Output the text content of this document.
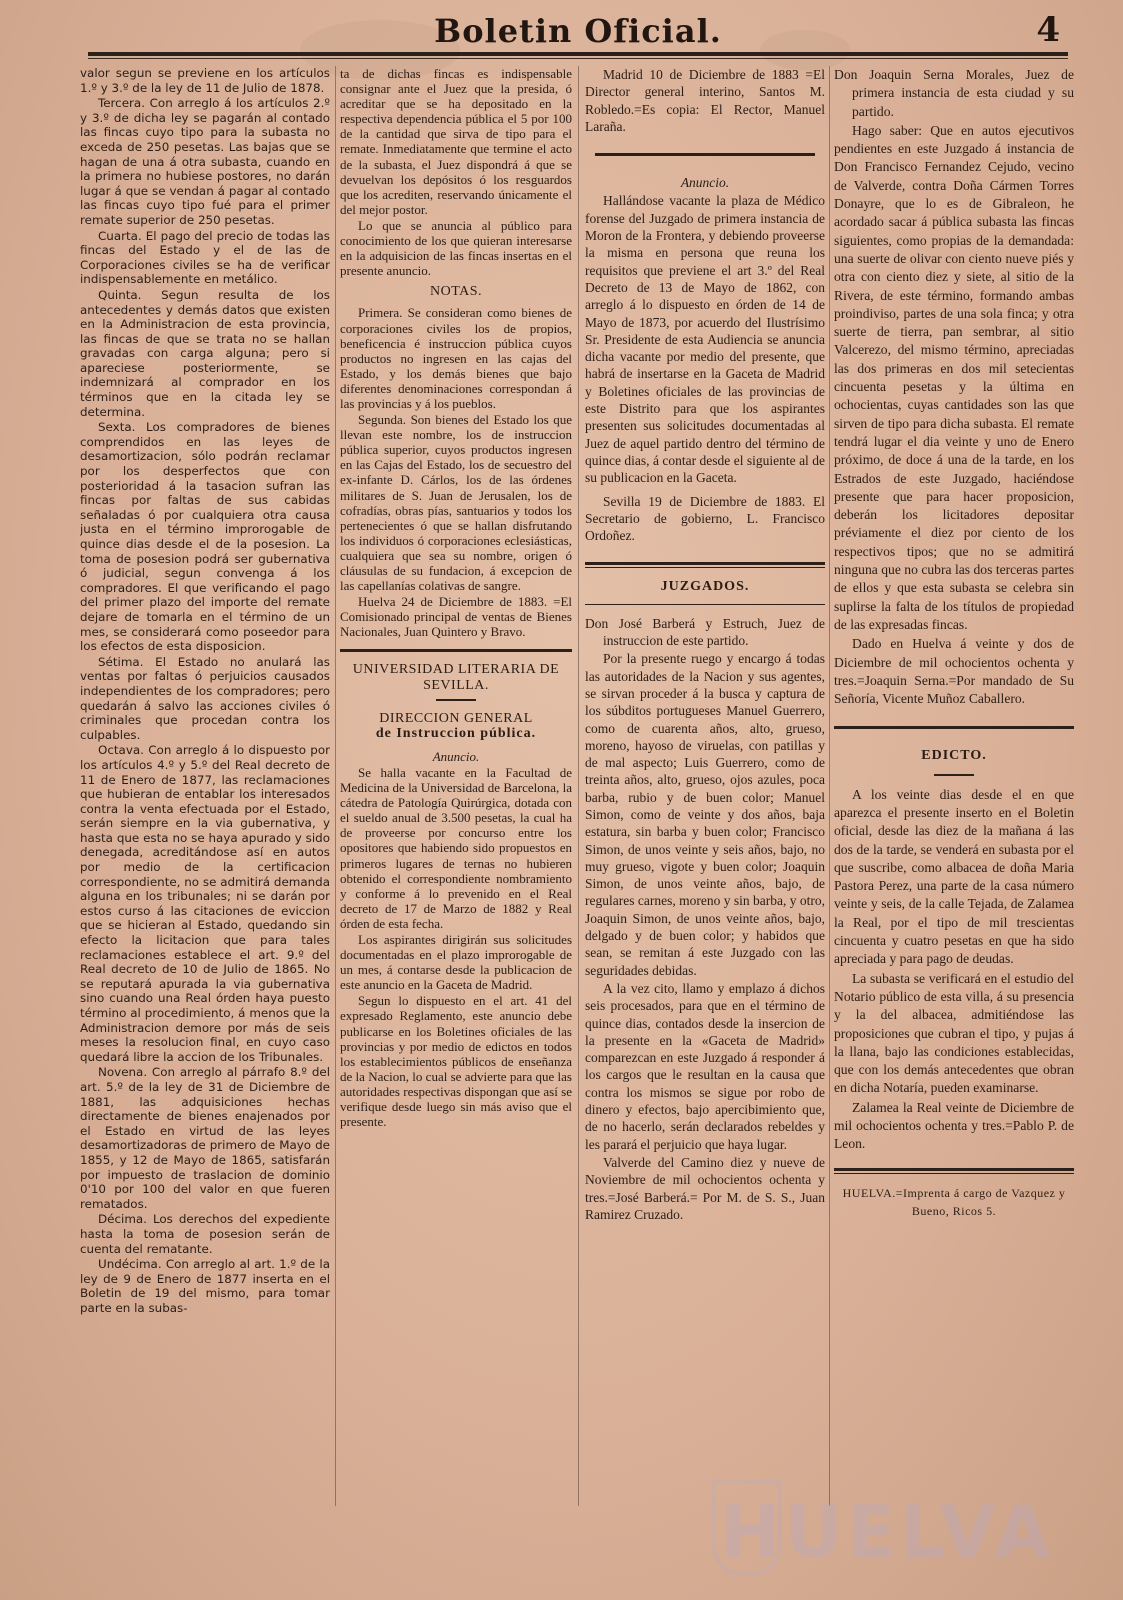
Boletin Oficial.	4

valor segun se previene en los artículos 1.º y 3.º de la ley de 11 de Julio de 1878.

Tercera. Con arreglo á los artículos 2.º y 3.º de dicha ley se pagarán al contado las fincas cuyo tipo para la subasta no exceda de 250 pesetas. Las bajas que se hagan de una á otra subasta, cuando en la primera no hubiese postores, no darán lugar á que se vendan á pagar al contado las fincas cuyo tipo fué para el primer remate superior de 250 pesetas.

Cuarta. El pago del precio de todas las fincas del Estado y el de las de Corporaciones civiles se ha de verificar indispensablemente en metálico.

Quinta. Segun resulta de los antecedentes y demás datos que existen en la Administracion de esta provincia, las fincas de que se trata no se hallan gravadas con carga alguna; pero si apareciese posteriormente, se indemnizará al comprador en los términos que en la citada ley se determina.

Sexta. Los compradores de bienes comprendidos en las leyes de desamortizacion, sólo podrán reclamar por los desperfectos que con posterioridad á la tasacion sufran las fincas por faltas de sus cabidas señaladas ó por cualquiera otra causa justa en el término improrogable de quince dias desde el de la posesion. La toma de posesion podrá ser gubernativa ó judicial, segun convenga á los compradores. El que verificando el pago del primer plazo del importe del remate dejare de tomarla en el término de un mes, se considerará como poseedor para los efectos de esta disposicion.

Sétima. El Estado no anulará las ventas por faltas ó perjuicios causados independientes de los compradores; pero quedarán á salvo las acciones civiles ó criminales que procedan contra los culpables.

Octava. Con arreglo á lo dispuesto por los artículos 4.º y 5.º del Real decreto de 11 de Enero de 1877, las reclamaciones que hubieran de entablar los interesados contra la venta efectuada por el Estado, serán siempre en la via gubernativa, y hasta que esta no se haya apurado y sido denegada, acreditándose así en autos por medio de la certificacion correspondiente, no se admitirá demanda alguna en los tribunales; ni se darán por estos curso á las citaciones de eviccion que se hicieran al Estado, quedando sin efecto la licitacion que para tales reclamaciones establece el art. 9.º del Real decreto de 10 de Julio de 1865. No se reputará apurada la via gubernativa sino cuando una Real órden haya puesto término al procedimiento, á menos que la Administracion demore por más de seis meses la resolucion final, en cuyo caso quedará libre la accion de los Tribunales.

Novena. Con arreglo al párrafo 8.º del art. 5.º de la ley de 31 de Diciembre de 1881, las adquisiciones hechas directamente de bienes enajenados por el Estado en virtud de las leyes desamortizadoras de primero de Mayo de 1855, y 12 de Mayo de 1865, satisfarán por impuesto de traslacion de dominio 0'10 por 100 del valor en que fueren rematados.

Décima. Los derechos del expediente hasta la toma de posesion serán de cuenta del rematante.

Undécima. Con arreglo al art. 1.º de la ley de 9 de Enero de 1877 inserta en el Boletin de 19 del mismo, para tomar parte en la subas-

ta de dichas fincas es indispensable consignar ante el Juez que la presida, ó acreditar que se ha depositado en la respectiva dependencia pública el 5 por 100 de la cantidad que sirva de tipo para el remate. Inmediatamente que termine el acto de la subasta, el Juez dispondrá á que se devuelvan los depósitos ó los resguardos que los acrediten, reservando únicamente el del mejor postor.

Lo que se anuncia al público para conocimiento de los que quieran interesarse en la adquisicion de las fincas insertas en el presente anuncio.

NOTAS.

Primera. Se consideran como bienes de corporaciones civiles los de propios, beneficencia é instruccion pública cuyos productos no ingresen en las cajas del Estado, y los demás bienes que bajo diferentes denominaciones correspondan á las provincias y á los pueblos.

Segunda. Son bienes del Estado los que llevan este nombre, los de instruccion pública superior, cuyos productos ingresen en las Cajas del Estado, los de secuestro del ex-infante D. Cárlos, los de las órdenes militares de S. Juan de Jerusalen, los de cofradías, obras pías, santuarios y todos los pertenecientes ó que se hallan disfrutando los individuos ó corporaciones eclesiásticas, cualquiera que sea su nombre, origen ó cláusulas de su fundacion, á excepcion de las capellanías colativas de sangre.

Huelva 24 de Diciembre de 1883. =El Comisionado principal de ventas de Bienes Nacionales, Juan Quintero y Bravo.

UNIVERSIDAD LITERARIA DE SEVILLA.

DIRECCION GENERAL

de Instruccion pública.

Anuncio.

Se halla vacante en la Facultad de Medicina de la Universidad de Barcelona, la cátedra de Patología Quirúrgica, dotada con el sueldo anual de 3.500 pesetas, la cual ha de proveerse por concurso entre los opositores que habiendo sido propuestos en primeros lugares de ternas no hubieren obtenido el correspondiente nombramiento y conforme á lo prevenido en el Real decreto de 17 de Marzo de 1882 y Real órden de esta fecha.

Los aspirantes dirigirán sus solicitudes documentadas en el plazo improrogable de un mes, á contarse desde la publicacion de este anuncio en la Gaceta de Madrid.

Segun lo dispuesto en el art. 41 del expresado Reglamento, este anuncio debe publicarse en los Boletines oficiales de las provincias y por medio de edictos en todos los establecimientos públicos de enseñanza de la Nacion, lo cual se advierte para que las autoridades respectivas dispongan que así se verifique desde luego sin más aviso que el presente.

Madrid 10 de Diciembre de 1883 =El Director general interino, Santos M. Robledo.=Es copia: El Rector, Manuel Laraña.

Anuncio.

Hallándose vacante la plaza de Médico forense del Juzgado de primera instancia de Moron de la Frontera, y debiendo proveerse la misma en persona que reuna los requisitos que previene el art 3.º del Real Decreto de 13 de Mayo de 1862, con arreglo á lo dispuesto en órden de 14 de Mayo de 1873, por acuerdo del Ilustrísimo Sr. Presidente de esta Audiencia se anuncia dicha vacante por medio del presente, que habrá de insertarse en la Gaceta de Madrid y Boletines oficiales de las provincias de este Distrito para que los aspirantes presenten sus solicitudes documentadas al Juez de aquel partido dentro del término de quince dias, á contar desde el siguiente al de su publicacion en la Gaceta.

Sevilla 19 de Diciembre de 1883. El Secretario de gobierno, L. Francisco Ordoñez.

JUZGADOS.

Don José Barberá y Estruch, Juez de instruccion de este partido.

Por la presente ruego y encargo á todas las autoridades de la Nacion y sus agentes, se sirvan proceder á la busca y captura de los súbditos portugueses Manuel Guerrero, como de cuarenta años, alto, grueso, moreno, hayoso de viruelas, con patillas y de mal aspecto; Luis Guerrero, como de treinta años, alto, grueso, ojos azules, poca barba, rubio y de buen color; Manuel Simon, como de veinte y dos años, baja estatura, sin barba y buen color; Francisco Simon, de unos veinte y seis años, bajo, no muy grueso, vigote y buen color; Joaquin Simon, de unos veinte años, bajo, de regulares carnes, moreno y sin barba, y otro, Joaquin Simon, de unos veinte años, bajo, delgado y de buen color; y habidos que sean, se remitan á este Juzgado con las seguridades debidas.

A la vez cito, llamo y emplazo á dichos seis procesados, para que en el término de quince dias, contados desde la insercion de la presente en la «Gaceta de Madrid» comparezcan en este Juzgado á responder á los cargos que le resultan en la causa que contra los mismos se sigue por robo de dinero y efectos, bajo apercibimiento que, de no hacerlo, serán declarados rebeldes y les parará el perjuicio que haya lugar.

Valverde del Camino diez y nueve de Noviembre de mil ochocientos ochenta y tres.=José Barberá.= Por M. de S. S., Juan Ramirez Cruzado.

Don Joaquin Serna Morales, Juez de primera instancia de esta ciudad y su partido.

Hago saber: Que en autos ejecutivos pendientes en este Juzgado á instancia de Don Francisco Fernandez Cejudo, vecino de Valverde, contra Doña Cármen Torres Donayre, que lo es de Gibraleon, he acordado sacar á pública subasta las fincas siguientes, como propias de la demandada: una suerte de olivar con ciento nueve piés y otra con ciento diez y siete, al sitio de la Rivera, de este término, formando ambas proindiviso, partes de una sola finca; y otra suerte de tierra, pan sembrar, al sitio Valcerezo, del mismo término, apreciadas las dos primeras en dos mil setecientas cincuenta pesetas y la última en ochocientas, cuyas cantidades son las que sirven de tipo para dicha subasta. El remate tendrá lugar el dia veinte y uno de Enero próximo, de doce á una de la tarde, en los Estrados de este Juzgado, haciéndose presente que para hacer proposicion, deberán los licitadores depositar préviamente el diez por ciento de los respectivos tipos; que no se admitirá ninguna que no cubra las dos terceras partes de ellos y que esta subasta se celebra sin suplirse la falta de los títulos de propiedad de las expresadas fincas.

Dado en Huelva á veinte y dos de Diciembre de mil ochocientos ochenta y tres.=Joaquin Serna.=Por mandado de Su Señoría, Vicente Muñoz Caballero.

EDICTO.

A los veinte dias desde el en que aparezca el presente inserto en el Boletin oficial, desde las diez de la mañana á las dos de la tarde, se venderá en subasta por el que suscribe, como albacea de doña Maria Pastora Perez, una parte de la casa número veinte y seis, de la calle Tejada, de Zalamea la Real, por el tipo de mil trescientas cincuenta y cuatro pesetas en que ha sido apreciada y para pago de deudas.

La subasta se verificará en el estudio del Notario público de esta villa, á su presencia y la del albacea, admitiéndose las proposiciones que cubran el tipo, y pujas á la llana, bajo las condiciones establecidas, que con los demás antecedentes que obran en dicha Notaría, pueden examinarse.

Zalamea la Real veinte de Diciembre de mil ochocientos ochenta y tres.=Pablo P. de Leon.

HUELVA.=Imprenta á cargo de Vazquez y Bueno, Ricos 5.

HUELVA
